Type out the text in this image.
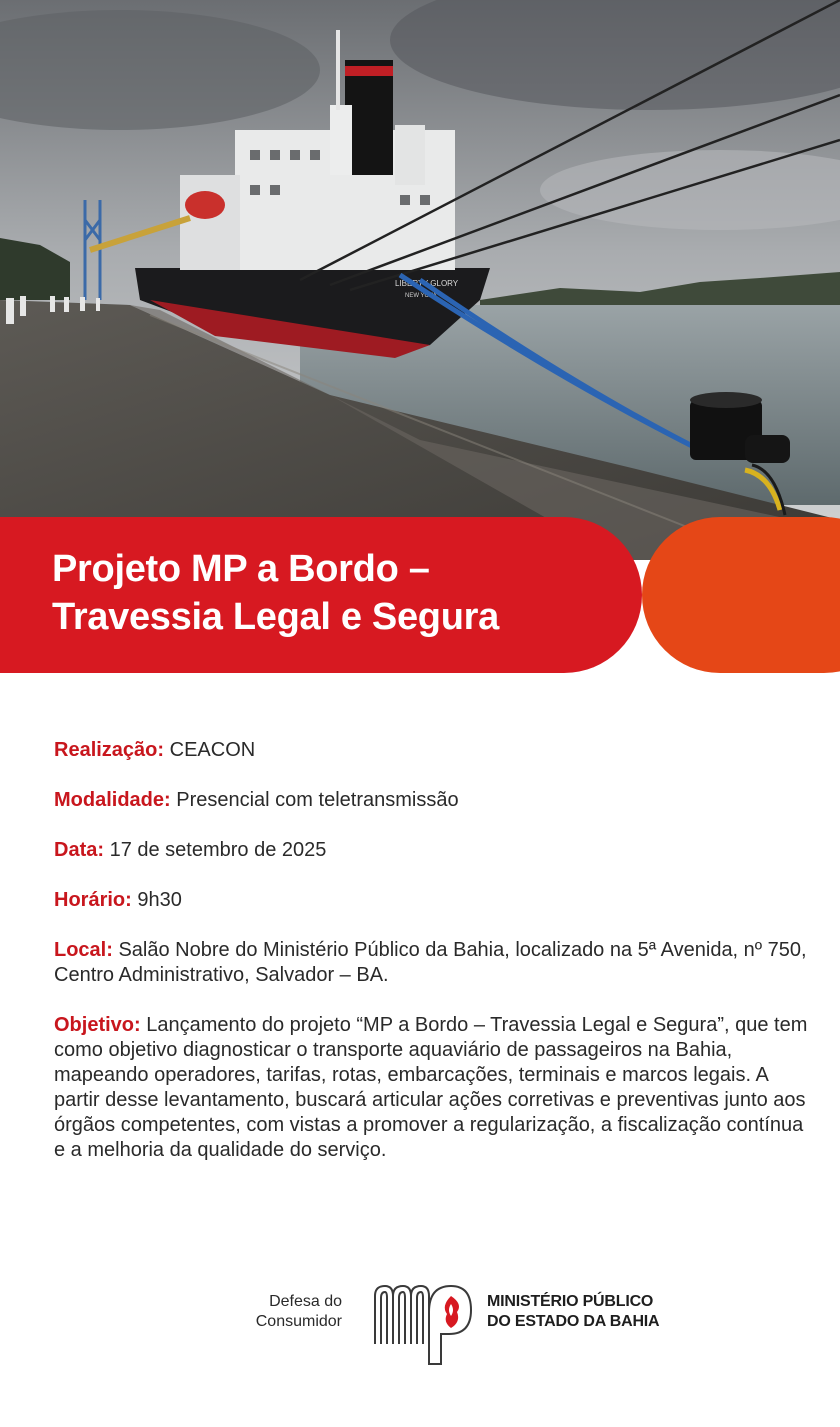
LIBERTY GLORY
NEW YORK
Projeto MP a Bordo –
Travessia Legal e Segura

Realização: CEACON

Modalidade: Presencial com teletransmissão

Data: 17 de setembro de 2025

Horário: 9h30

Local: Salão Nobre do Ministério Público da Bahia, localizado na 5ª Avenida, nº 750, Centro Administrativo, Salvador – BA.

Objetivo: Lançamento do projeto “MP a Bordo – Travessia Legal e Segura”, que tem como objetivo diagnosticar o transporte aquaviário de passageiros na Bahia, mapeando operadores, tarifas, rotas, embarcações, terminais e marcos legais. A partir desse levantamento, buscará articular ações corretivas e preventivas junto aos órgãos competentes, com vistas a promover a regularização, a fiscalização contínua e a melhoria da qualidade do serviço.

Defesa do
Consumidor
MINISTÉRIO PÚBLICO
DO ESTADO DA BAHIA
